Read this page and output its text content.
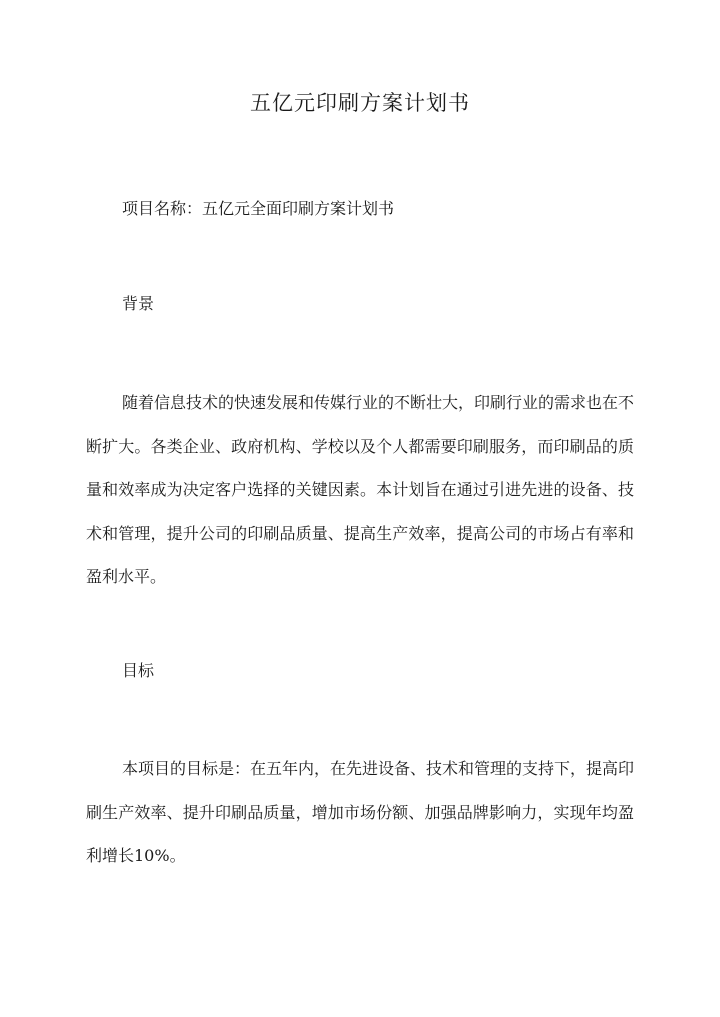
五亿元印刷方案计划书
项目名称：五亿元全面印刷方案计划书
背景
随着信息技术的快速发展和传媒行业的不断壮大，印刷行业的需求也在不断扩大。各类企业、政府机构、学校以及个人都需要印刷服务，而印刷品的质量和效率成为决定客户选择的关键因素。本计划旨在通过引进先进的设备、技术和管理，提升公司的印刷品质量、提高生产效率，提高公司的市场占有率和盈利水平。
目标
本项目的目标是：在五年内，在先进设备、技术和管理的支持下，提高印刷生产效率、提升印刷品质量，增加市场份额、加强品牌影响力，实现年均盈利增长10%。
